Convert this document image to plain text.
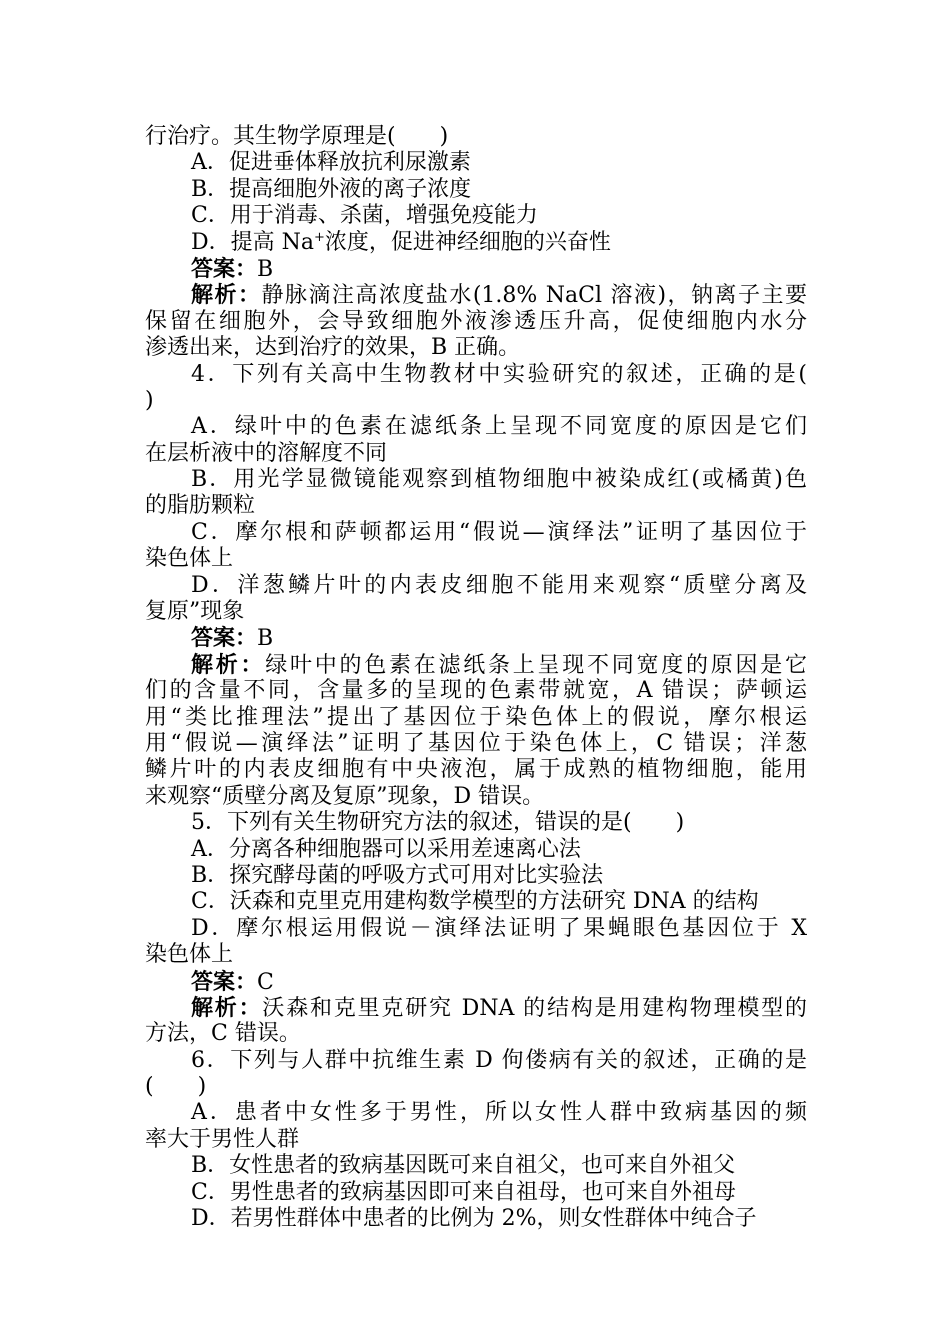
行治疗。其生物学原理是(　　)
A．促进垂体释放抗利尿激素
B．提高细胞外液的离子浓度
C．用于消毒、杀菌，增强免疫能力
D．提高 Na+浓度，促进神经细胞的兴奋性
答案：B
解析：静脉滴注高浓度盐水(1.8% NaCl 溶液)，钠离子主要
保留在细胞外，会导致细胞外液渗透压升高，促使细胞内水分
渗透出来，达到治疗的效果，B 正确。
4．下列有关高中生物教材中实验研究的叙述，正确的是(
)
A．绿叶中的色素在滤纸条上呈现不同宽度的原因是它们
在层析液中的溶解度不同
B．用光学显微镜能观察到植物细胞中被染成红(或橘黄)色
的脂肪颗粒
C．摩尔根和萨顿都运用“假说—演绎法”证明了基因位于
染色体上
D．洋葱鳞片叶的内表皮细胞不能用来观察“质壁分离及
复原”现象
答案：B
解析：绿叶中的色素在滤纸条上呈现不同宽度的原因是它
们的含量不同，含量多的呈现的色素带就宽，A 错误；萨顿运
用“类比推理法”提出了基因位于染色体上的假说，摩尔根运
用“假说—演绎法”证明了基因位于染色体上，C 错误；洋葱
鳞片叶的内表皮细胞有中央液泡，属于成熟的植物细胞，能用
来观察“质壁分离及复原”现象，D 错误。
5．下列有关生物研究方法的叙述，错误的是(　　)
A．分离各种细胞器可以采用差速离心法
B．探究酵母菌的呼吸方式可用对比实验法
C．沃森和克里克用建构数学模型的方法研究 DNA 的结构
D．摩尔根运用假说－演绎法证明了果蝇眼色基因位于 X
染色体上
答案：C
解析：沃森和克里克研究 DNA 的结构是用建构物理模型的
方法，C 错误。
6．下列与人群中抗维生素 D 佝偻病有关的叙述，正确的是
(　　)
A．患者中女性多于男性，所以女性人群中致病基因的频
率大于男性人群
B．女性患者的致病基因既可来自祖父，也可来自外祖父
C．男性患者的致病基因即可来自祖母，也可来自外祖母
D．若男性群体中患者的比例为 2%，则女性群体中纯合子
